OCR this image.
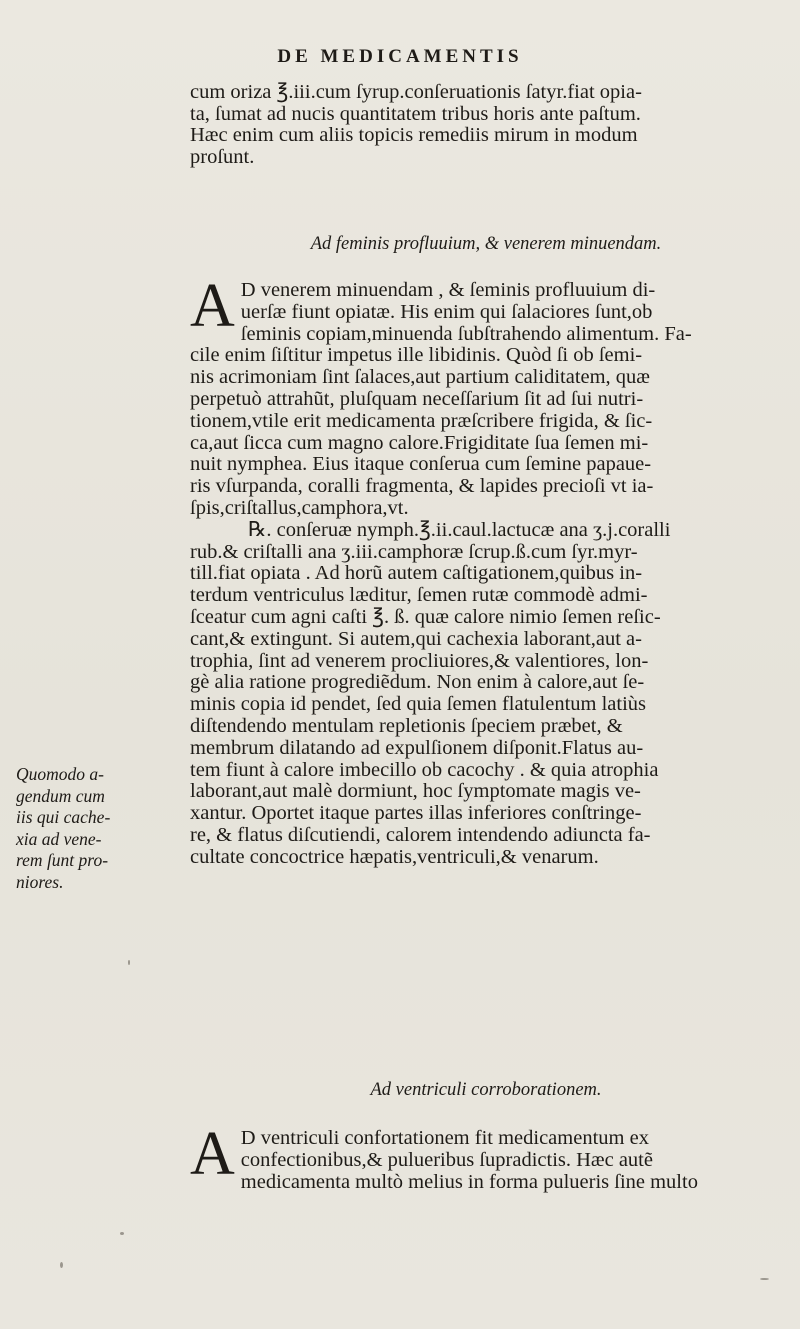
DE MEDICAMENTIS
cum oriza ℥.iii.cum ſyrup.conſeruationis ſatyr.fiat opia-
ta, ſumat ad nucis quantitatem tribus horis ante paſtum.
Hæc enim cum aliis topicis remediis mirum in modum
proſunt.
Ad feminis profluuium, & venerem minuendam.
A D venerem minuendam , & ſeminis profluuium di-
uerſæ fiunt opiatæ. His enim qui ſalaciores ſunt,ob
ſeminis copiam,minuenda ſubſtrahendo alimentum. Fa-
cile enim ſiſtitur impetus ille libidinis. Quòd ſi ob ſemi-
nis acrimoniam ſint ſalaces,aut partium caliditatem, quæ
perpetuò attrahũt, pluſquam neceſſarium ſit ad ſui nutri-
tionem,vtile erit medicamenta præſcribere frigida, & ſic-
ca,aut ſicca cum magno calore.Frigiditate ſua ſemen mi-
nuit nymphea. Eius itaque conſerua cum ſemine papaue-
ris vſurpanda, coralli fragmenta, & lapides precioſi vt ia-
ſpis,criſtallus,camphora,vt.
℞. conſeruæ nymph.℥.ii.caul.lactucæ ana ʒ.j.coralli
rub.& criſtalli ana ʒ.iii.camphoræ ſcrup.ß.cum ſyr.myr-
till.fiat opiata . Ad horũ autem caſtigationem,quibus in-
terdum ventriculus læditur, ſemen rutæ commodè admi-
ſceatur cum agni caſti ℥. ß. quæ calore nimio ſemen reſic-
cant,& extingunt. Si autem,qui cachexia laborant,aut a-
trophia, ſint ad venerem procliuiores,& valentiores, lon-
gè alia ratione progrediẽdum. Non enim à calore,aut ſe-
minis copia id pendet, ſed quia ſemen flatulentum latiùs
diſtendendo mentulam repletionis ſpeciem præbet, &
membrum dilatando ad expulſionem diſponit.Flatus au-
tem fiunt à calore imbecillo ob cacochy . & quia atrophia
laborant,aut malè dormiunt, hoc ſymptomate magis ve-
xantur. Oportet itaque partes illas inferiores conſtringe-
re, & flatus diſcutiendi, calorem intendendo adiuncta fa-
cultate concoctrice hæpatis,ventriculi,& venarum.
Quomodo a-
gendum cum
iis qui cache-
xia ad vene-
rem ſunt pro-
niores.
Ad ventriculi corroborationem.
A D ventriculi confortationem fit medicamentum ex
confectionibus,& pulueribus ſupradictis. Hæc autẽ
medicamenta multò melius in forma pulueris ſine multo
